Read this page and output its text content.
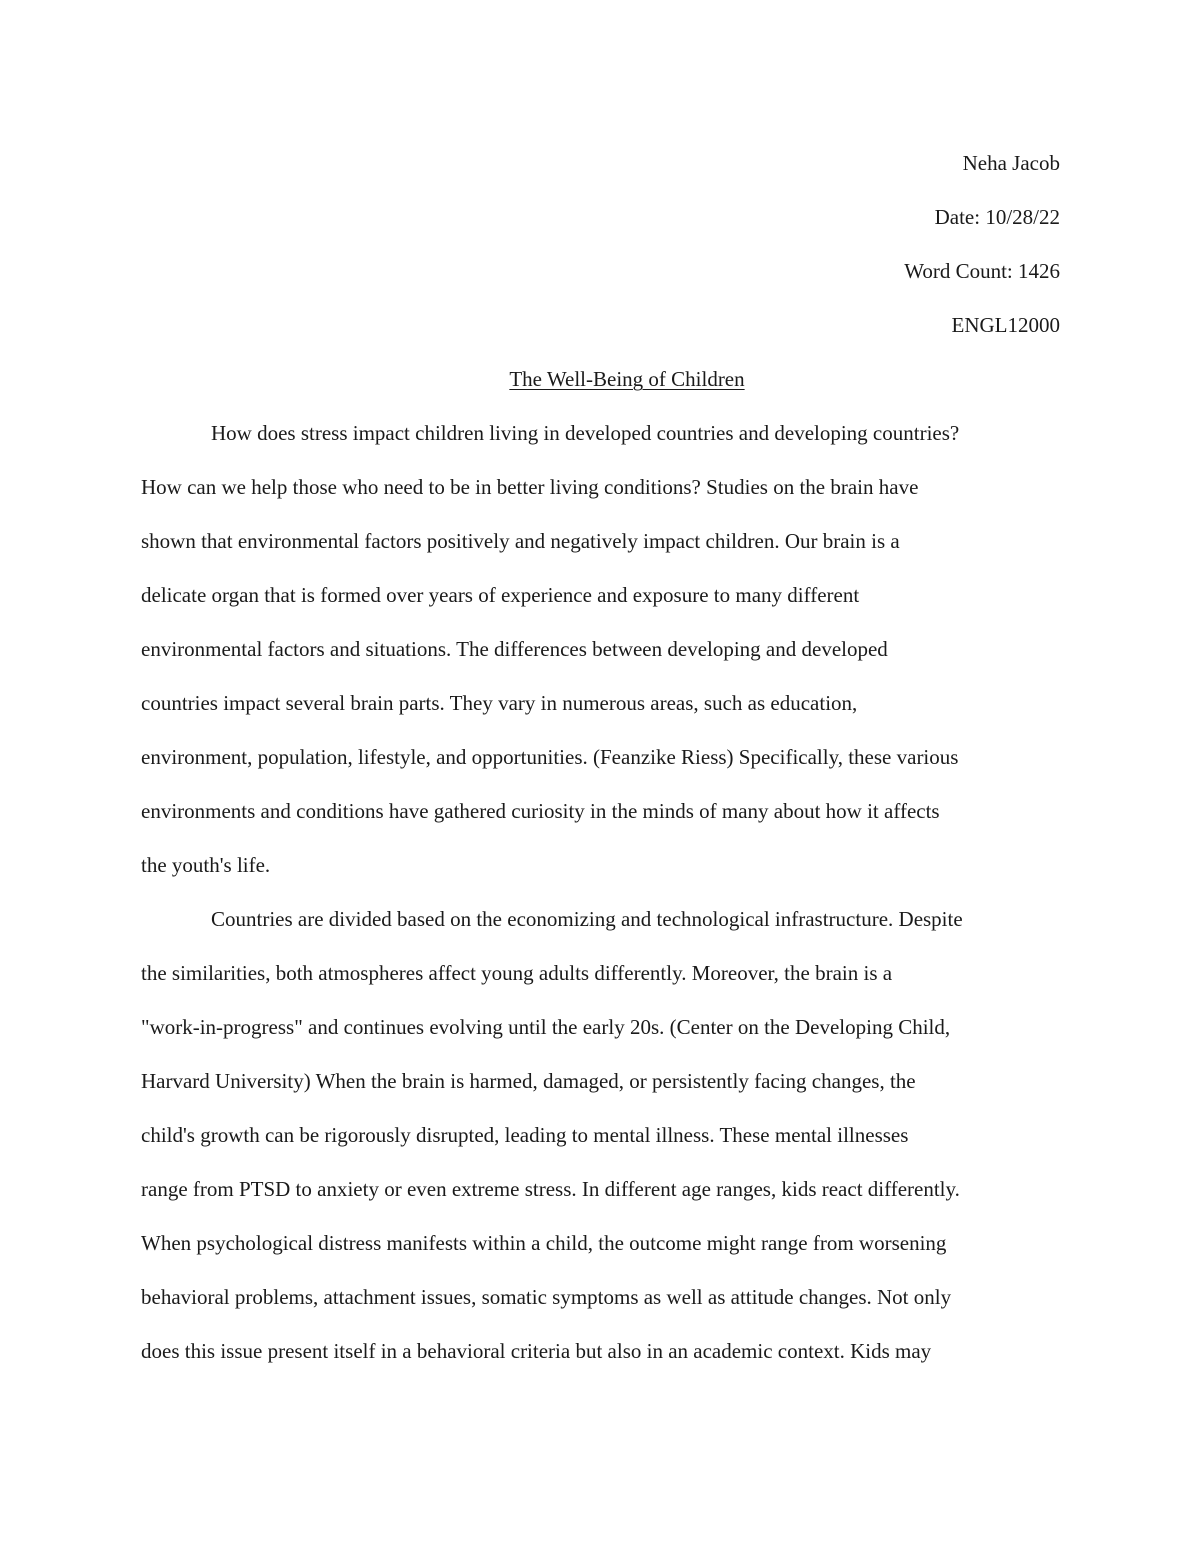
Neha Jacob
Date: 10/28/22
Word Count: 1426
ENGL12000
The Well-Being of Children
How does stress impact children living in developed countries and developing countries?
How can we help those who need to be in better living conditions? Studies on the brain have
shown that environmental factors positively and negatively impact children. Our brain is a
delicate organ that is formed over years of experience and exposure to many different
environmental factors and situations. The differences between developing and developed
countries impact several brain parts. They vary in numerous areas, such as education,
environment, population, lifestyle, and opportunities. (Feanzike Riess) Specifically, these various
environments and conditions have gathered curiosity in the minds of many about how it affects
the youth's life.
Countries are divided based on the economizing and technological infrastructure. Despite
the similarities, both atmospheres affect young adults differently. Moreover, the brain is a
"work-in-progress" and continues evolving until the early 20s. (Center on the Developing Child,
Harvard University) When the brain is harmed, damaged, or persistently facing changes, the
child's growth can be rigorously disrupted, leading to mental illness. These mental illnesses
range from PTSD to anxiety or even extreme stress. In different age ranges, kids react differently.
When psychological distress manifests within a child, the outcome might range from worsening
behavioral problems, attachment issues, somatic symptoms as well as attitude changes. Not only
does this issue present itself in a behavioral criteria but also in an academic context. Kids may
